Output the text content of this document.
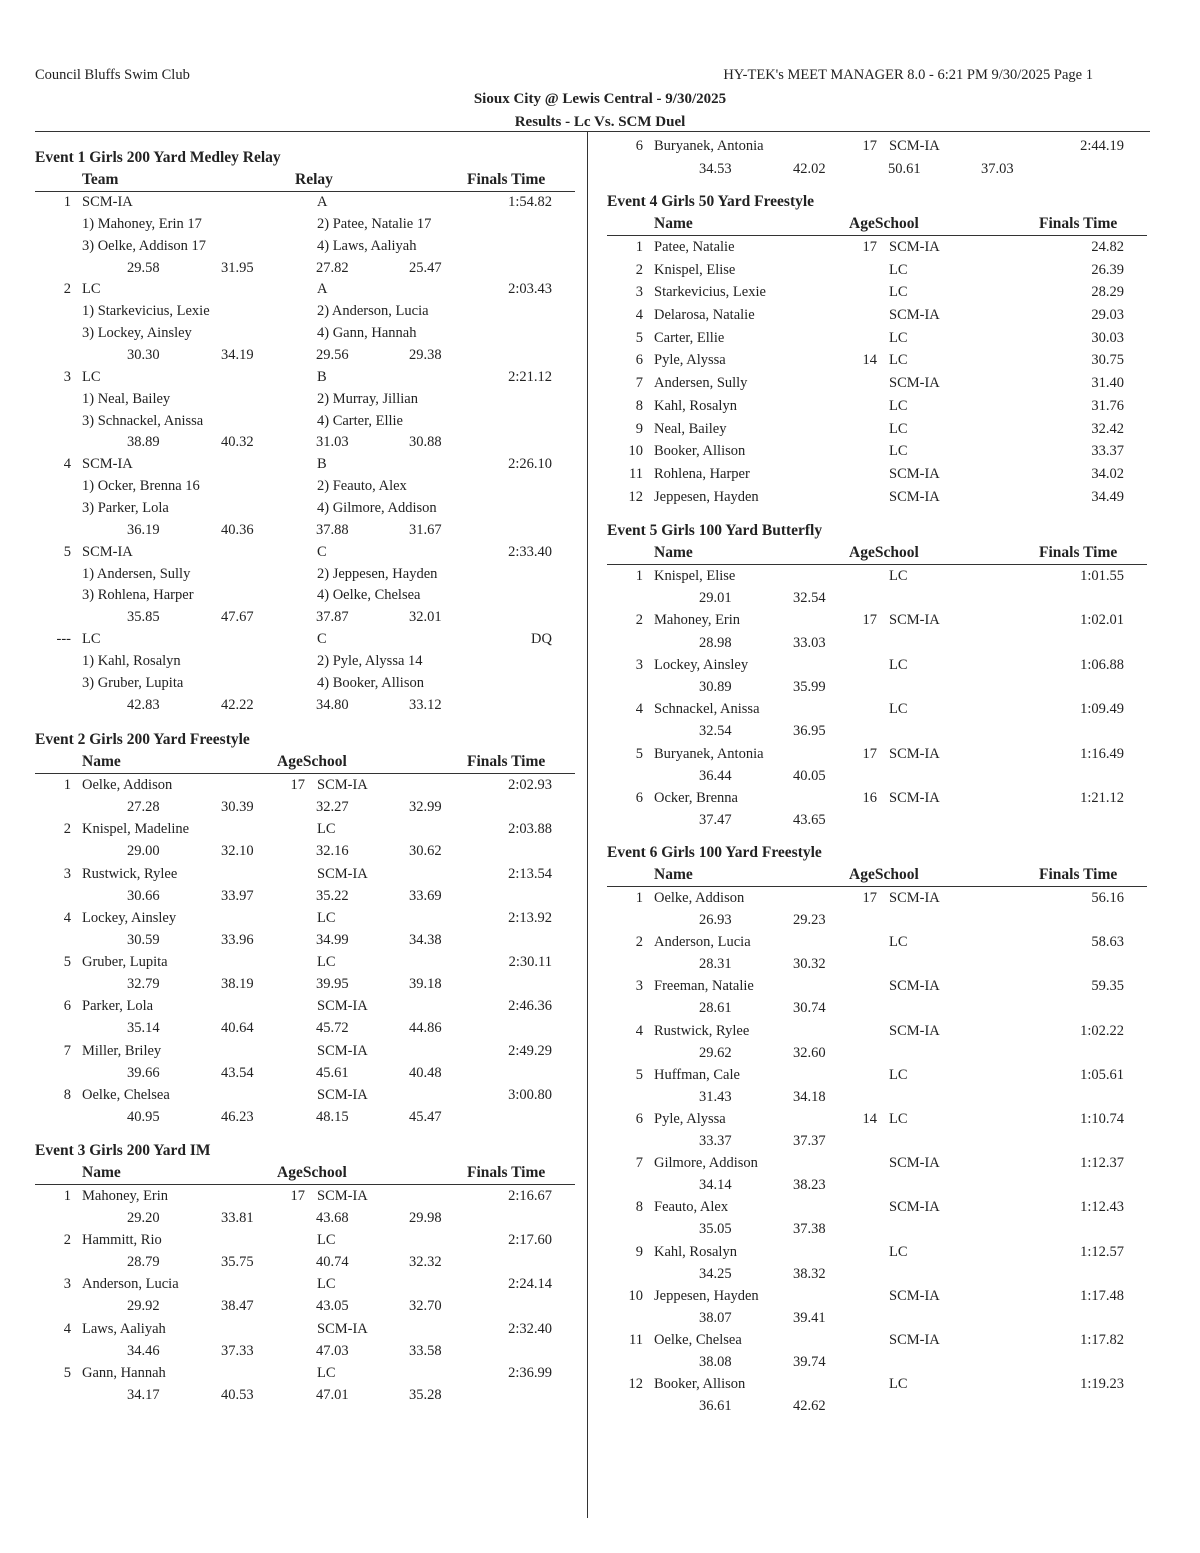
Council Bluffs Swim Club	HY-TEK's MEET MANAGER 8.0 - 6:21 PM 9/30/2025 Page 1
Sioux City @ Lewis Central - 9/30/2025
Results - Lc Vs. SCM Duel
Event 1 Girls 200 Yard Medley Relay
Team	Relay	Finals Time
1 SCM-IA	A	1:54.82
1) Mahoney, Erin 17	2) Patee, Natalie 17
3) Oelke, Addison 17	4) Laws, Aaliyah
29.58	31.95	27.82	25.47
2 LC	A	2:03.43
1) Starkevicius, Lexie	2) Anderson, Lucia
3) Lockey, Ainsley	4) Gann, Hannah
30.30	34.19	29.56	29.38
3 LC	B	2:21.12
1) Neal, Bailey	2) Murray, Jillian
3) Schnackel, Anissa	4) Carter, Ellie
38.89	40.32	31.03	30.88
4 SCM-IA	B	2:26.10
1) Ocker, Brenna 16	2) Feauto, Alex
3) Parker, Lola	4) Gilmore, Addison
36.19	40.36	37.88	31.67
5 SCM-IA	C	2:33.40
1) Andersen, Sully	2) Jeppesen, Hayden
3) Rohlena, Harper	4) Oelke, Chelsea
35.85	47.67	37.87	32.01
--- LC	C	DQ
1) Kahl, Rosalyn	2) Pyle, Alyssa 14
3) Gruber, Lupita	4) Booker, Allison
42.83	42.22	34.80	33.12
Event 2 Girls 200 Yard Freestyle
Name	AgeSchool	Finals Time
1 Oelke, Addison	17 SCM-IA	2:02.93
27.28	30.39	32.27	32.99
2 Knispel, Madeline	LC	2:03.88
29.00	32.10	32.16	30.62
3 Rustwick, Rylee	SCM-IA	2:13.54
30.66	33.97	35.22	33.69
4 Lockey, Ainsley	LC	2:13.92
30.59	33.96	34.99	34.38
5 Gruber, Lupita	LC	2:30.11
32.79	38.19	39.95	39.18
6 Parker, Lola	SCM-IA	2:46.36
35.14	40.64	45.72	44.86
7 Miller, Briley	SCM-IA	2:49.29
39.66	43.54	45.61	40.48
8 Oelke, Chelsea	SCM-IA	3:00.80
40.95	46.23	48.15	45.47
Event 3 Girls 200 Yard IM
Name	AgeSchool	Finals Time
1 Mahoney, Erin	17 SCM-IA	2:16.67
29.20	33.81	43.68	29.98
2 Hammitt, Rio	LC	2:17.60
28.79	35.75	40.74	32.32
3 Anderson, Lucia	LC	2:24.14
29.92	38.47	43.05	32.70
4 Laws, Aaliyah	SCM-IA	2:32.40
34.46	37.33	47.03	33.58
5 Gann, Hannah	LC	2:36.99
34.17	40.53	47.01	35.28
6 Buryanek, Antonia	17 SCM-IA	2:44.19
34.53	42.02	50.61	37.03
Event 4 Girls 50 Yard Freestyle
Name	AgeSchool	Finals Time
1 Patee, Natalie	17 SCM-IA	24.82
2 Knispel, Elise	LC	26.39
3 Starkevicius, Lexie	LC	28.29
4 Delarosa, Natalie	SCM-IA	29.03
5 Carter, Ellie	LC	30.03
6 Pyle, Alyssa	14 LC	30.75
7 Andersen, Sully	SCM-IA	31.40
8 Kahl, Rosalyn	LC	31.76
9 Neal, Bailey	LC	32.42
10 Booker, Allison	LC	33.37
11 Rohlena, Harper	SCM-IA	34.02
12 Jeppesen, Hayden	SCM-IA	34.49
Event 5 Girls 100 Yard Butterfly
Name	AgeSchool	Finals Time
1 Knispel, Elise	LC	1:01.55
29.01	32.54
2 Mahoney, Erin	17 SCM-IA	1:02.01
28.98	33.03
3 Lockey, Ainsley	LC	1:06.88
30.89	35.99
4 Schnackel, Anissa	LC	1:09.49
32.54	36.95
5 Buryanek, Antonia	17 SCM-IA	1:16.49
36.44	40.05
6 Ocker, Brenna	16 SCM-IA	1:21.12
37.47	43.65
Event 6 Girls 100 Yard Freestyle
Name	AgeSchool	Finals Time
1 Oelke, Addison	17 SCM-IA	56.16
26.93	29.23
2 Anderson, Lucia	LC	58.63
28.31	30.32
3 Freeman, Natalie	SCM-IA	59.35
28.61	30.74
4 Rustwick, Rylee	SCM-IA	1:02.22
29.62	32.60
5 Huffman, Cale	LC	1:05.61
31.43	34.18
6 Pyle, Alyssa	14 LC	1:10.74
33.37	37.37
7 Gilmore, Addison	SCM-IA	1:12.37
34.14	38.23
8 Feauto, Alex	SCM-IA	1:12.43
35.05	37.38
9 Kahl, Rosalyn	LC	1:12.57
34.25	38.32
10 Jeppesen, Hayden	SCM-IA	1:17.48
38.07	39.41
11 Oelke, Chelsea	SCM-IA	1:17.82
38.08	39.74
12 Booker, Allison	LC	1:19.23
36.61	42.62
